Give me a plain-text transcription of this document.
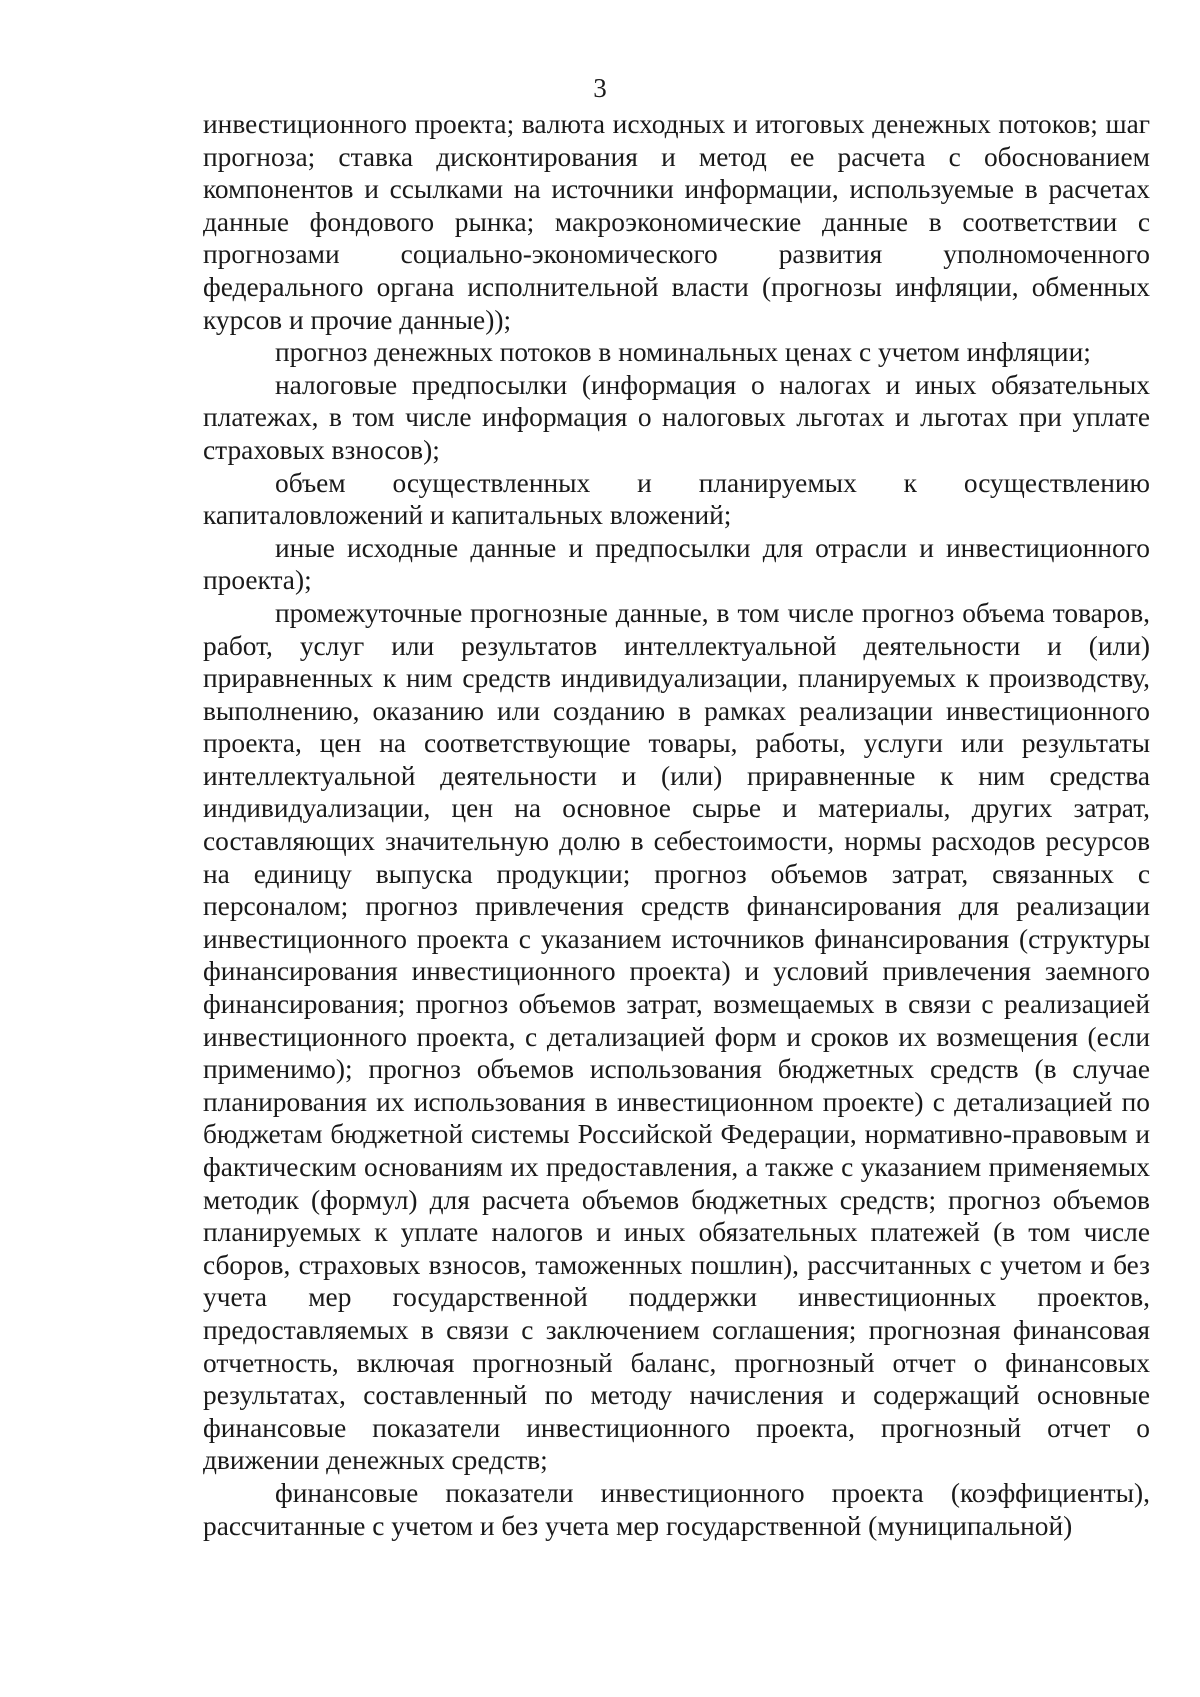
3

инвестиционного проекта; валюта исходных и итоговых денежных потоков; шаг прогноза; ставка дисконтирования и метод ее расчета с обоснованием компонентов и ссылками на источники информации, используемые в расчетах данные фондового рынка; макроэкономические данные в соответствии с прогнозами социально-экономического развития уполномоченного федерального органа исполнительной власти (прогнозы инфляции, обменных курсов и прочие данные));

прогноз денежных потоков в номинальных ценах с учетом инфляции;

налоговые предпосылки (информация о налогах и иных обязательных платежах, в том числе информация о налоговых льготах и льготах при уплате страховых взносов);

объем осуществленных и планируемых к осуществлению капиталовложений и капитальных вложений;

иные исходные данные и предпосылки для отрасли и инвестиционного проекта);

промежуточные прогнозные данные, в том числе прогноз объема товаров, работ, услуг или результатов интеллектуальной деятельности и (или) приравненных к ним средств индивидуализации, планируемых к производству, выполнению, оказанию или созданию в рамках реализации инвестиционного проекта, цен на соответствующие товары, работы, услуги или результаты интеллектуальной деятельности и (или) приравненные к ним средства индивидуализации, цен на основное сырье и материалы, других затрат, составляющих значительную долю в себестоимости, нормы расходов ресурсов на единицу выпуска продукции; прогноз объемов затрат, связанных с персоналом; прогноз привлечения средств финансирования для реализации инвестиционного проекта с указанием источников финансирования (структуры финансирования инвестиционного проекта) и условий привлечения заемного финансирования; прогноз объемов затрат, возмещаемых в связи с реализацией инвестиционного проекта, с детализацией форм и сроков их возмещения (если применимо); прогноз объемов использования бюджетных средств (в случае планирования их использования в инвестиционном проекте) с детализацией по бюджетам бюджетной системы Российской Федерации, нормативно-правовым и фактическим основаниям их предоставления, а также с указанием применяемых методик (формул) для расчета объемов бюджетных средств; прогноз объемов планируемых к уплате налогов и иных обязательных платежей (в том числе сборов, страховых взносов, таможенных пошлин), рассчитанных с учетом и без учета мер государственной поддержки инвестиционных проектов, предоставляемых в связи с заключением соглашения; прогнозная финансовая отчетность, включая прогнозный баланс, прогнозный отчет о финансовых результатах, составленный по методу начисления и содержащий основные финансовые показатели инвестиционного проекта, прогнозный отчет о движении денежных средств;

финансовые показатели инвестиционного проекта (коэффициенты), рассчитанные с учетом и без учета мер государственной (муниципальной)
